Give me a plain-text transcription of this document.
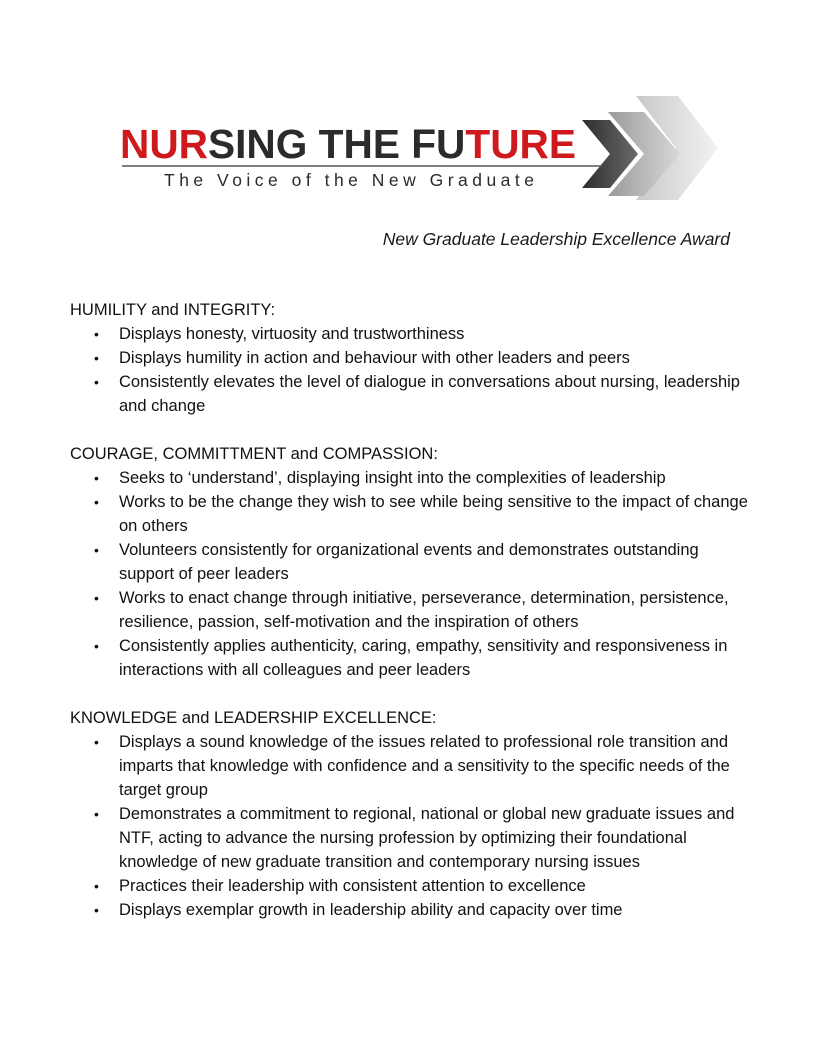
NURSING THE FUTURE
The Voice of the New Graduate
New Graduate Leadership Excellence Award
HUMILITY and INTEGRITY:
• Displays honesty, virtuosity and trustworthiness
• Displays humility in action and behaviour with other leaders and peers
• Consistently elevates the level of dialogue in conversations about nursing, leadership and change
COURAGE, COMMITTMENT and COMPASSION:
• Seeks to ‘understand’, displaying insight into the complexities of leadership
• Works to be the change they wish to see while being sensitive to the impact of change on others
• Volunteers consistently for organizational events and demonstrates outstanding support of peer leaders
• Works to enact change through initiative, perseverance, determination, persistence, resilience, passion, self-motivation and the inspiration of others
• Consistently applies authenticity, caring, empathy, sensitivity and responsiveness in interactions with all colleagues and peer leaders
KNOWLEDGE and LEADERSHIP EXCELLENCE:
• Displays a sound knowledge of the issues related to professional role transition and imparts that knowledge with confidence and a sensitivity to the specific needs of the target group
• Demonstrates a commitment to regional, national or global new graduate issues and NTF, acting to advance the nursing profession by optimizing their foundational knowledge of new graduate transition and contemporary nursing issues
• Practices their leadership with consistent attention to excellence
• Displays exemplar growth in leadership ability and capacity over time
